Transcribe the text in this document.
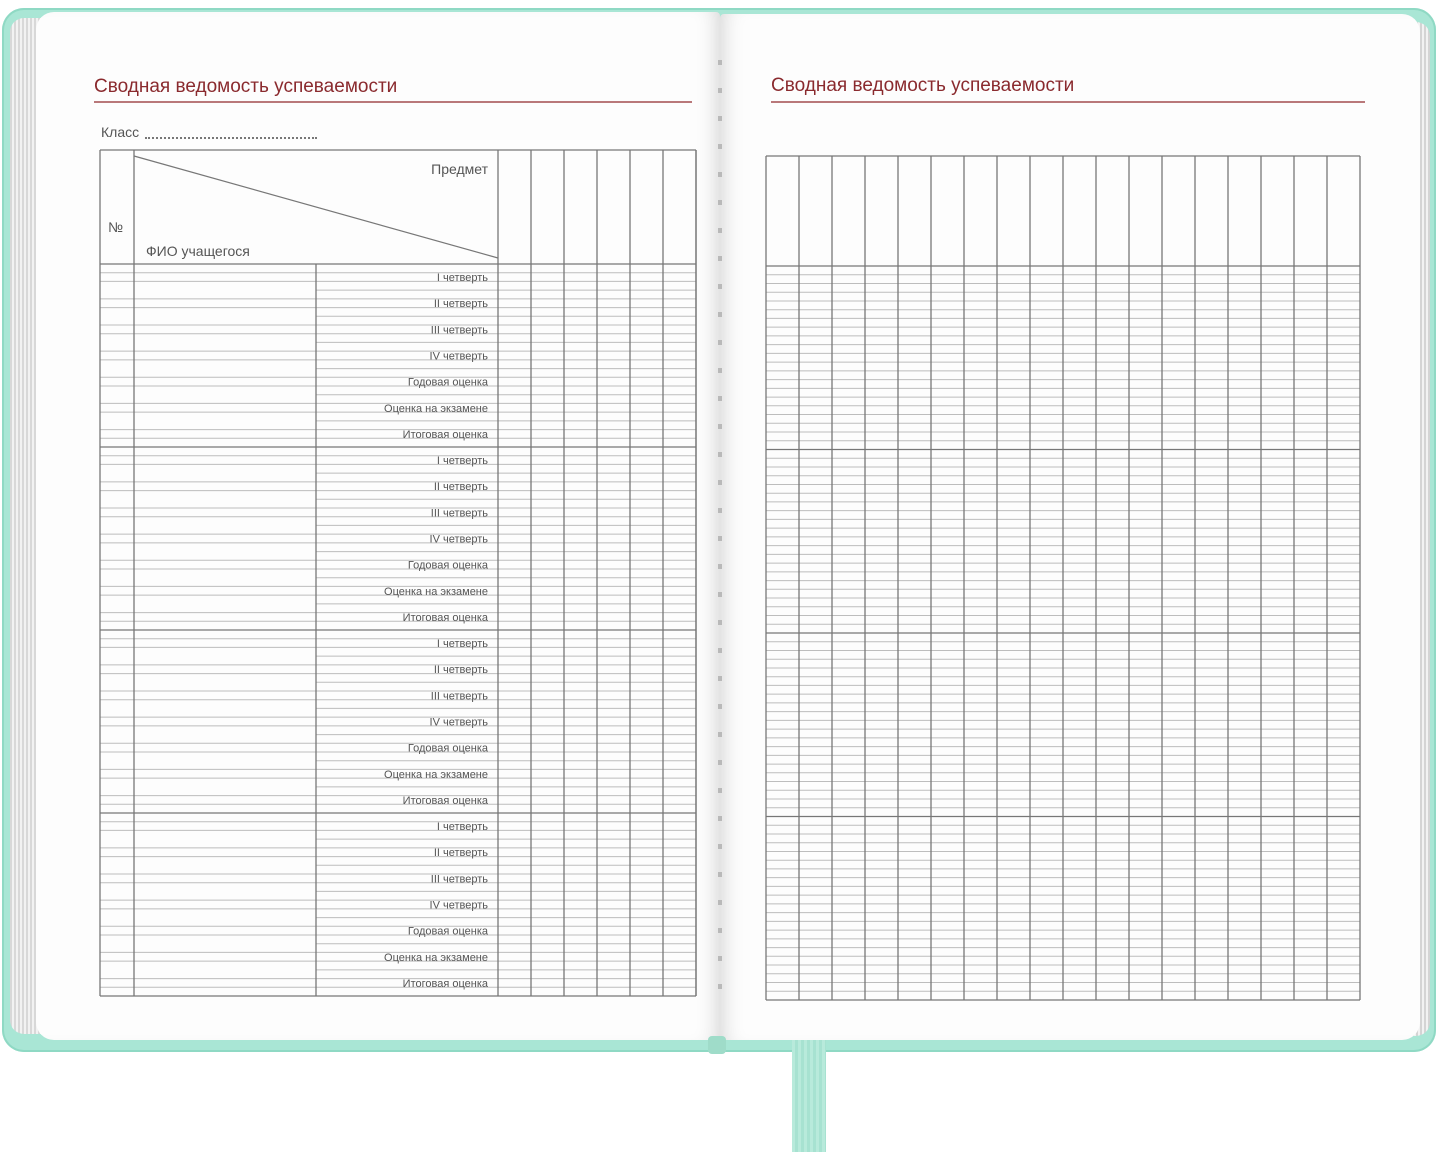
Сводная ведомость успеваемости
Класс
Сводная ведомость успеваемости
I четверть
II четверть
III четверть
IV четверть
Годовая оценка
Оценка на экзамене
Итоговая оценка
I четверть
II четверть
III четверть
IV четверть
Годовая оценка
Оценка на экзамене
Итоговая оценка
I четверть
II четверть
III четверть
IV четверть
Годовая оценка
Оценка на экзамене
Итоговая оценка
I четверть
II четверть
III четверть
IV четверть
Годовая оценка
Оценка на экзамене
Итоговая оценка
Предмет
№
ФИО учащегося
